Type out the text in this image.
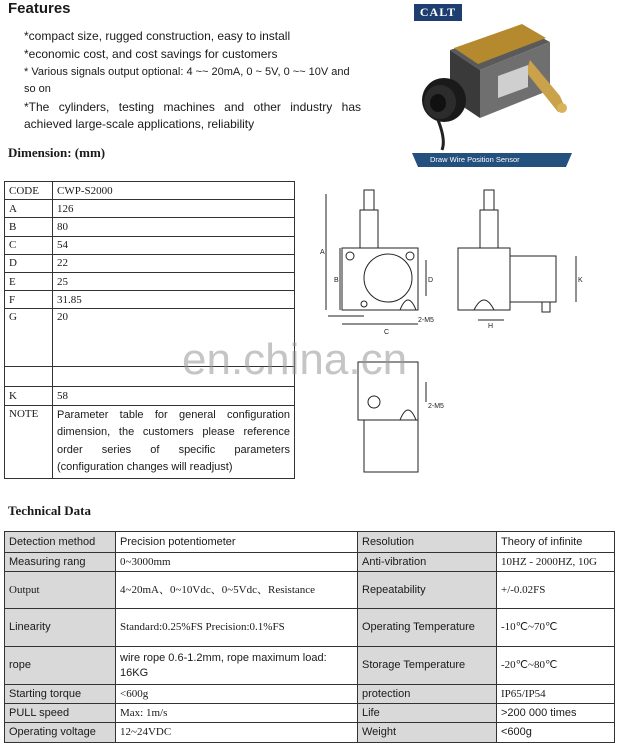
Features
*compact size, rugged construction, easy to install
*economic cost, and cost savings for customers
* Various signals output optional: 4 ~~ 20mA, 0 ~ 5V, 0 ~~ 10V and so on
*The cylinders, testing machines and other industry has achieved large-scale applications, reliability
CALT
Draw Wire Position Sensor
Dimension: (mm)
CODE	CWP-S2000
A	126
B	80
C	54
D	22
E	25
F	31.85
G	20

K	58
NOTE	Parameter table for general configuration dimension, the customers please reference order series of specific parameters (configuration changes will readjust)
A
B
C
D
2-M5
K
H
2-M5
en.china.cn
Technical Data
Detection method	Precision potentiometer	Resolution	Theory of infinite
Measuring rang	0~3000mm	Anti-vibration	10HZ - 2000HZ, 10G
Output	4~20mA、0~10Vdc、0~5Vdc、Resistance	Repeatability	+/-0.02FS
Linearity	Standard:0.25%FS Precision:0.1%FS	Operating Temperature	-10℃~70℃
rope	wire rope 0.6-1.2mm, rope maximum load: 16KG	Storage Temperature	-20℃~80℃
Starting torque	<600g	protection	IP65/IP54
PULL speed	Max: 1m/s	Life	>200 000 times
Operating voltage	12~24VDC	Weight	<600g
